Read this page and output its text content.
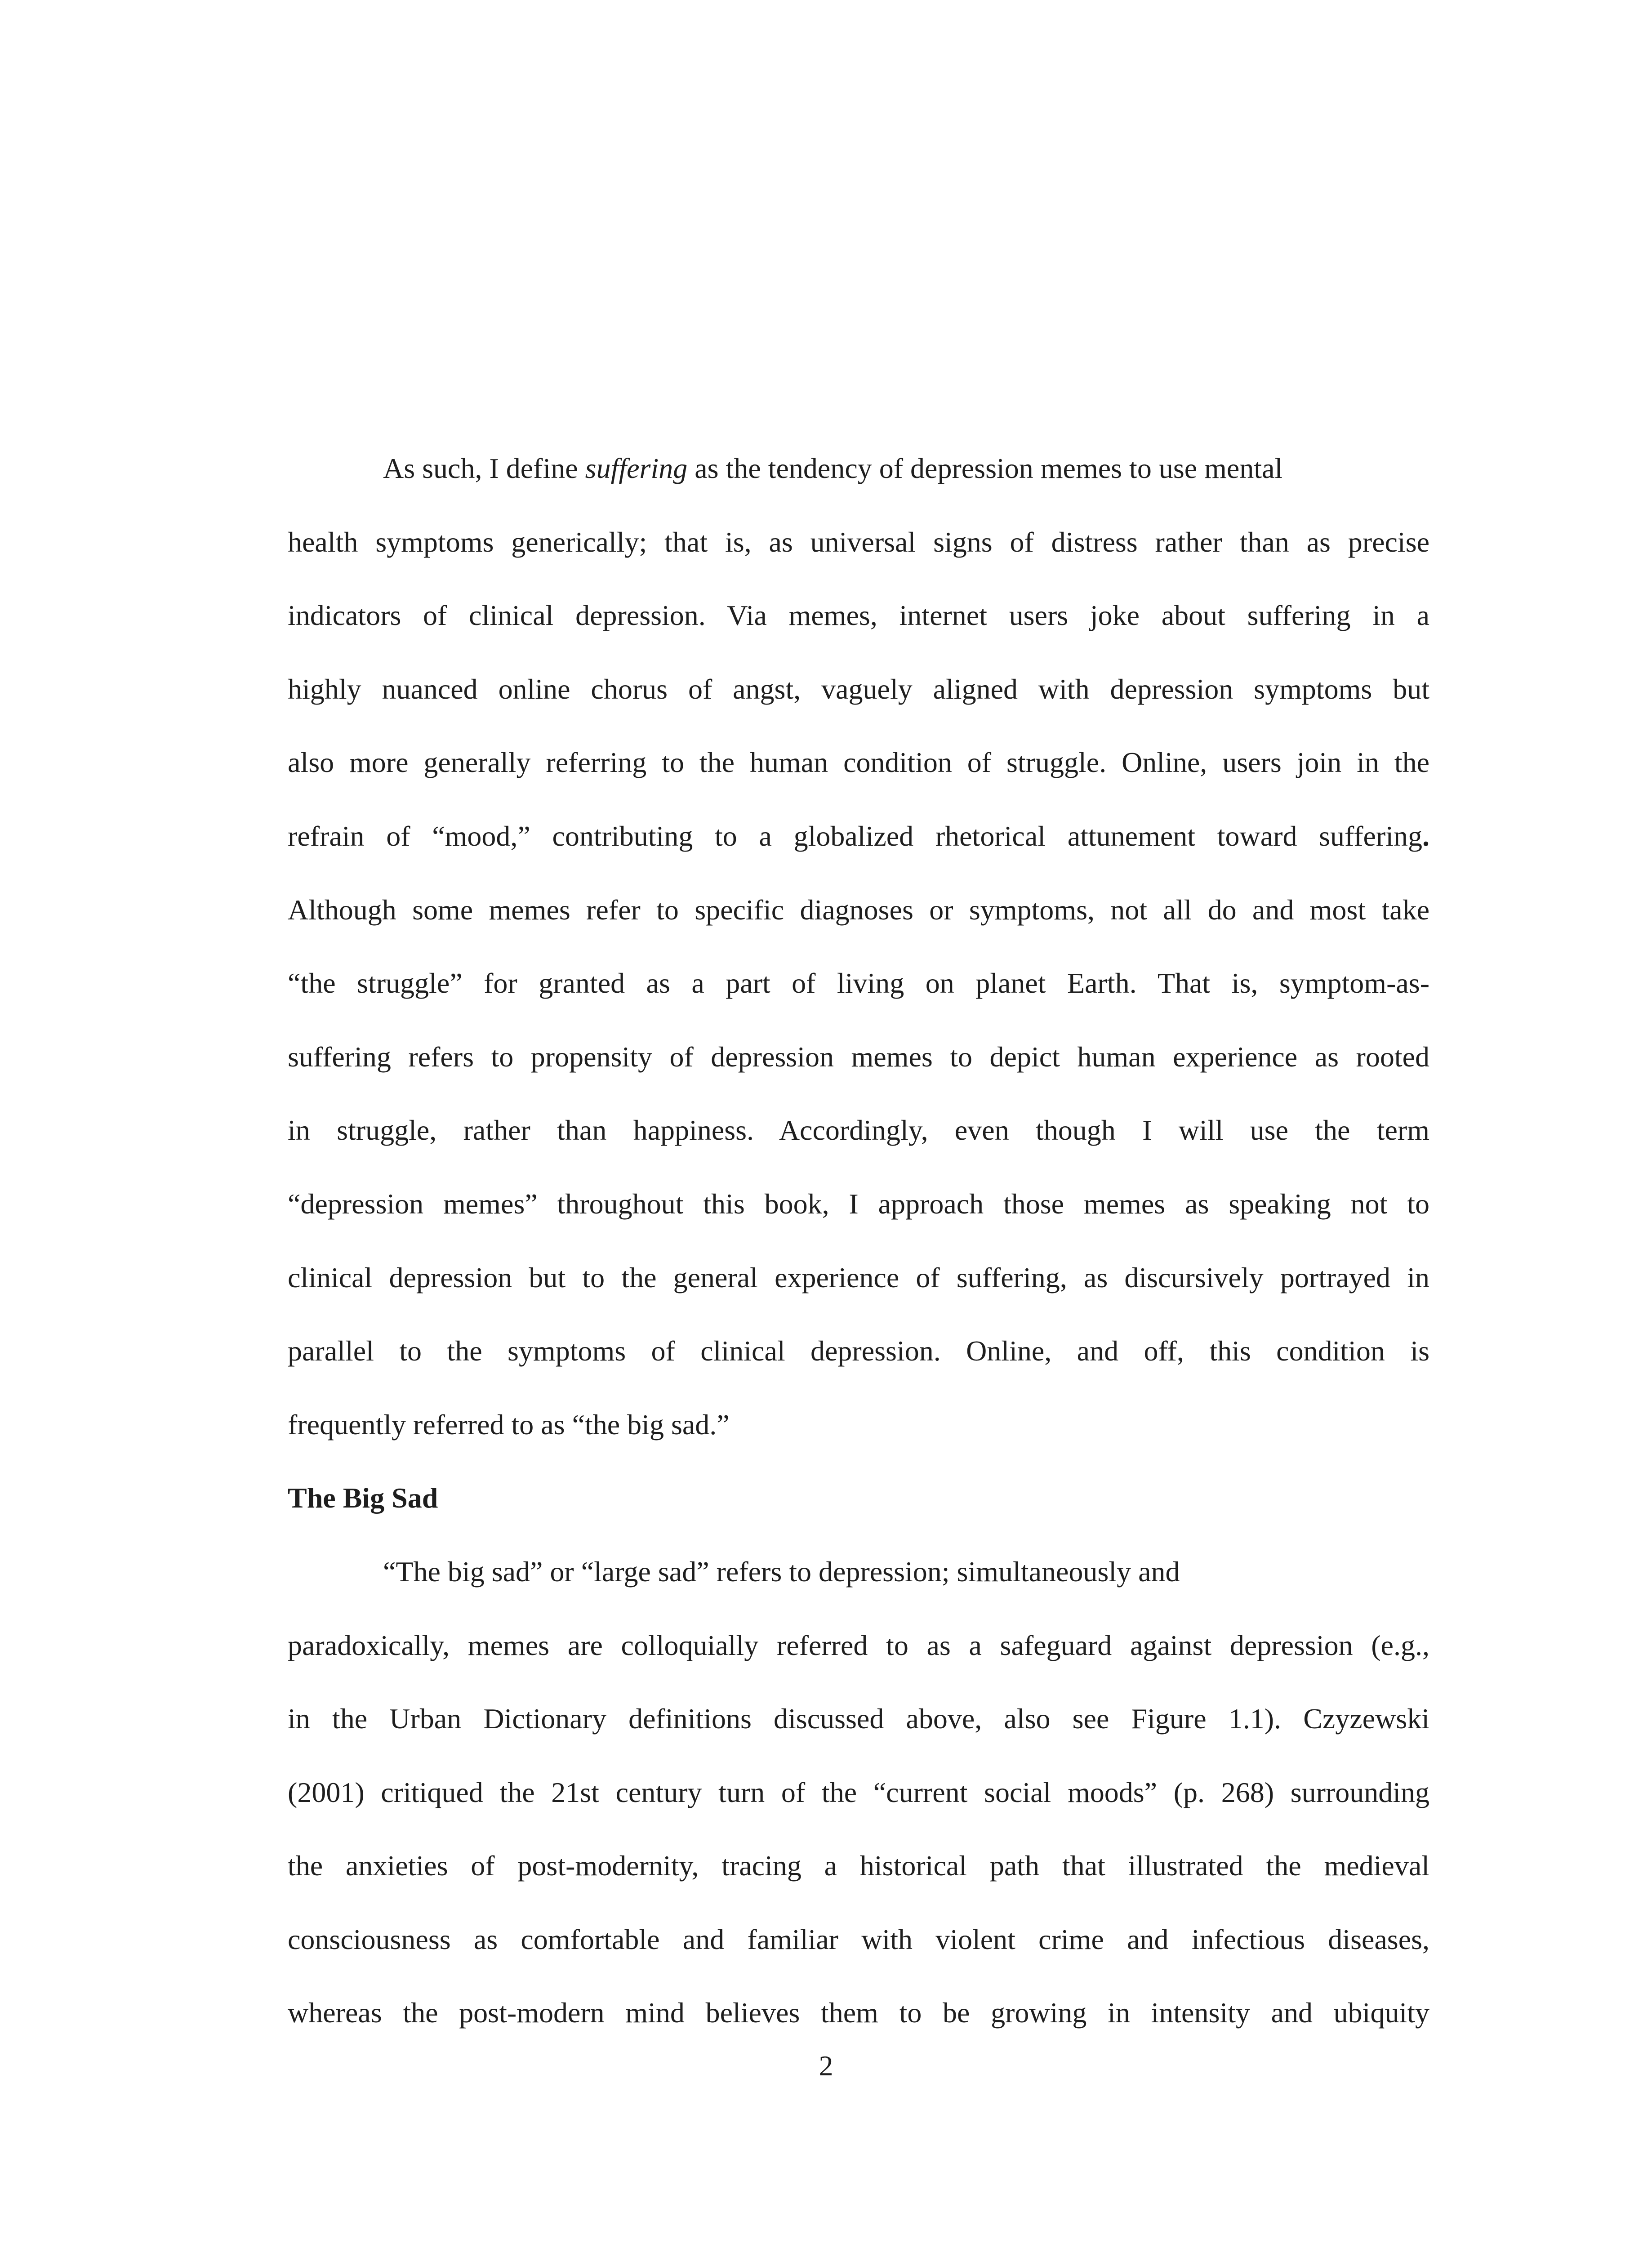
As such, I define suffering as the tendency of depression memes to use mental
health symptoms generically; that is, as universal signs of distress rather than as precise
indicators of clinical depression. Via memes, internet users joke about suffering in a
highly nuanced online chorus of angst, vaguely aligned with depression symptoms but
also more generally referring to the human condition of struggle. Online, users join in the
refrain of “mood,” contributing to a globalized rhetorical attunement toward suffering.
Although some memes refer to specific diagnoses or symptoms, not all do and most take
“the struggle” for granted as a part of living on planet Earth. That is, symptom-as-
suffering refers to propensity of depression memes to depict human experience as rooted
in struggle, rather than happiness. Accordingly, even though I will use the term
“depression memes” throughout this book, I approach those memes as speaking not to
clinical depression but to the general experience of suffering, as discursively portrayed in
parallel to the symptoms of clinical depression. Online, and off, this condition is
frequently referred to as “the big sad.”
The Big Sad
“The big sad” or “large sad” refers to depression; simultaneously and
paradoxically, memes are colloquially referred to as a safeguard against depression (e.g.,
in the Urban Dictionary definitions discussed above, also see Figure 1.1). Czyzewski
(2001) critiqued the 21st century turn of the “current social moods” (p. 268) surrounding
the anxieties of post-modernity, tracing a historical path that illustrated the medieval
consciousness as comfortable and familiar with violent crime and infectious diseases,
whereas the post-modern mind believes them to be growing in intensity and ubiquity
2
